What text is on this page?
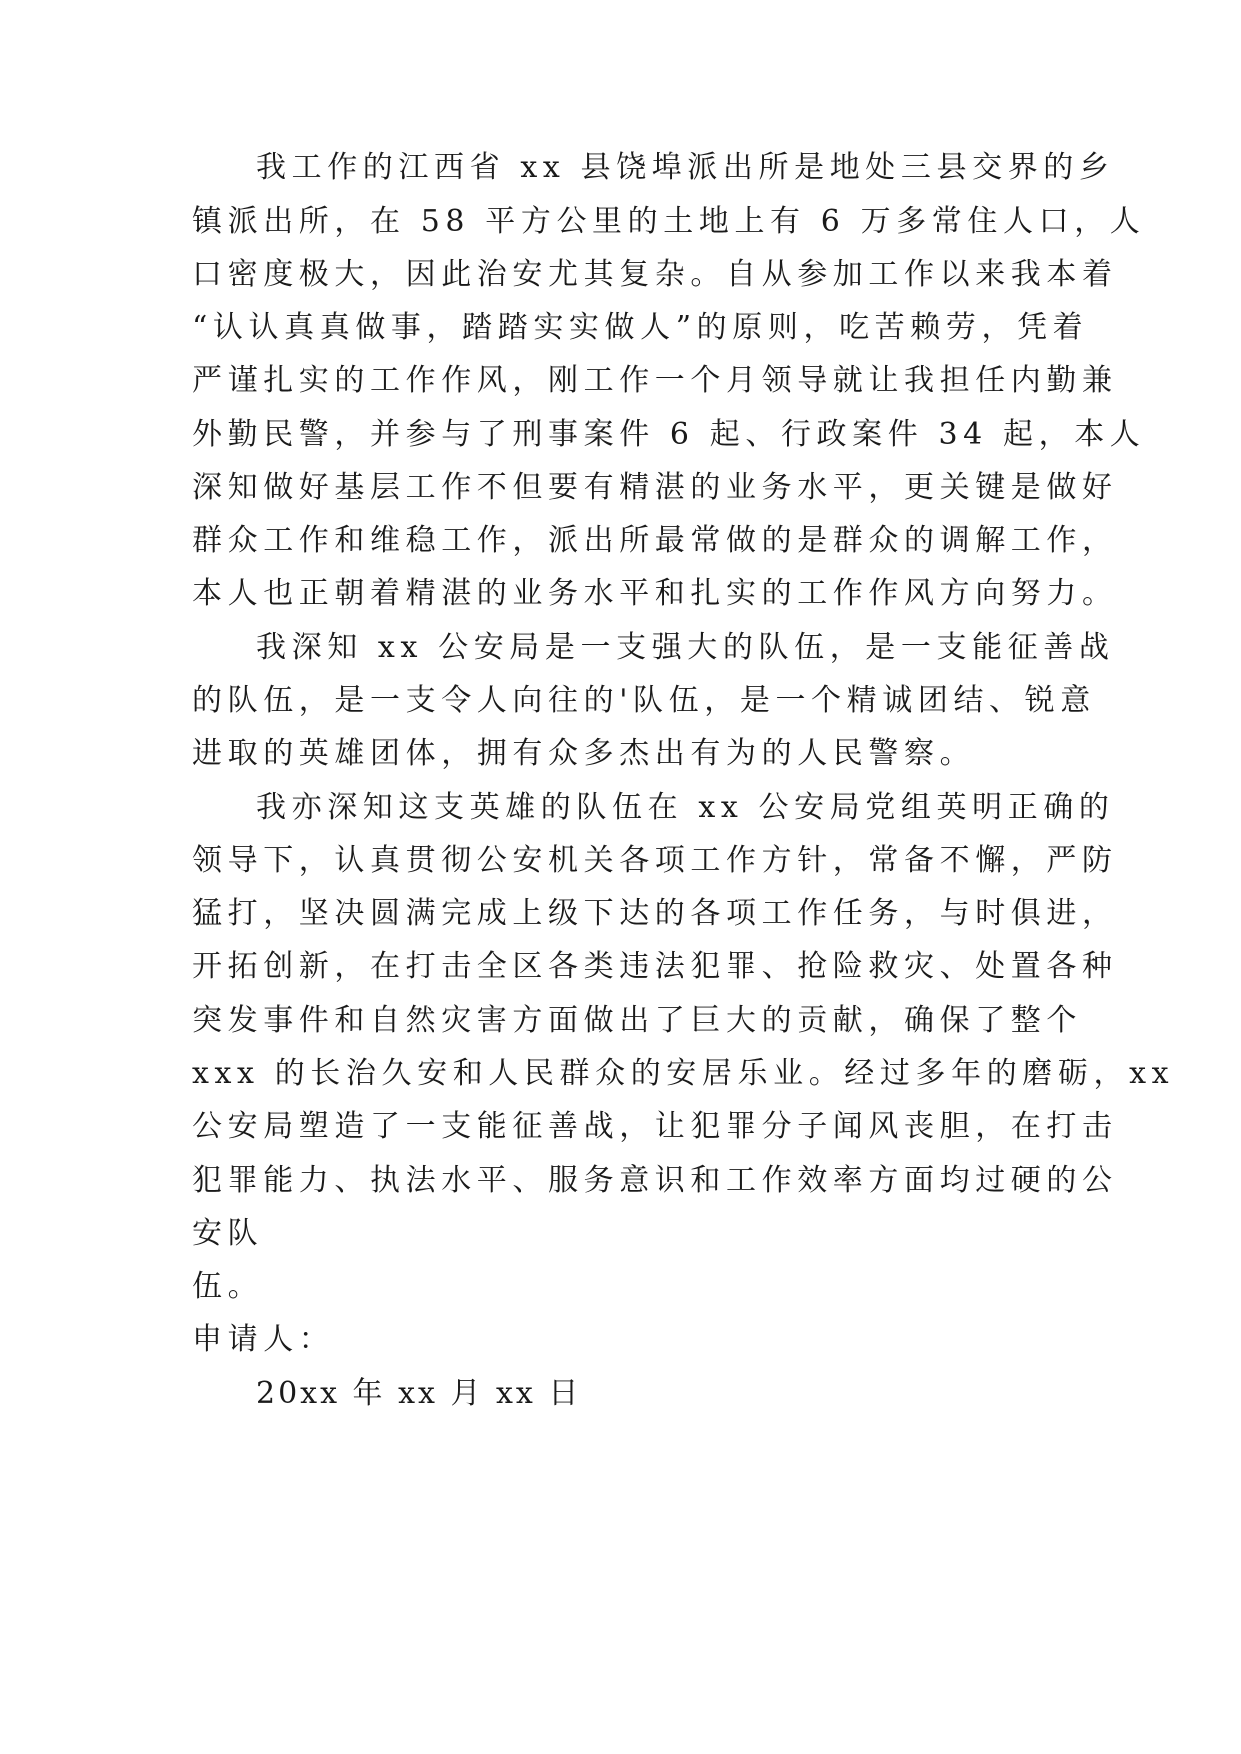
我工作的江西省 xx 县饶埠派出所是地处三县交界的乡
镇派出所，在 58 平方公里的土地上有 6 万多常住人口，人
口密度极大，因此治安尤其复杂。自从参加工作以来我本着
“认认真真做事，踏踏实实做人”的原则，吃苦赖劳，凭着
严谨扎实的工作作风，刚工作一个月领导就让我担任内勤兼
外勤民警，并参与了刑事案件 6 起、行政案件 34 起，本人
深知做好基层工作不但要有精湛的业务水平，更关键是做好
群众工作和维稳工作，派出所最常做的是群众的调解工作，
本人也正朝着精湛的业务水平和扎实的工作作风方向努力。
我深知 xx 公安局是一支强大的队伍，是一支能征善战
的队伍，是一支令人向往的'队伍，是一个精诚团结、锐意
进取的英雄团体，拥有众多杰出有为的人民警察。
我亦深知这支英雄的队伍在 xx 公安局党组英明正确的
领导下，认真贯彻公安机关各项工作方针，常备不懈，严防
猛打，坚决圆满完成上级下达的各项工作任务，与时俱进，
开拓创新，在打击全区各类违法犯罪、抢险救灾、处置各种
突发事件和自然灾害方面做出了巨大的贡献，确保了整个
xxx 的长治久安和人民群众的安居乐业。经过多年的磨砺，xx
公安局塑造了一支能征善战，让犯罪分子闻风丧胆，在打击
犯罪能力、执法水平、服务意识和工作效率方面均过硬的公
安队
伍。
申请人：
20xx 年 xx 月 xx 日
